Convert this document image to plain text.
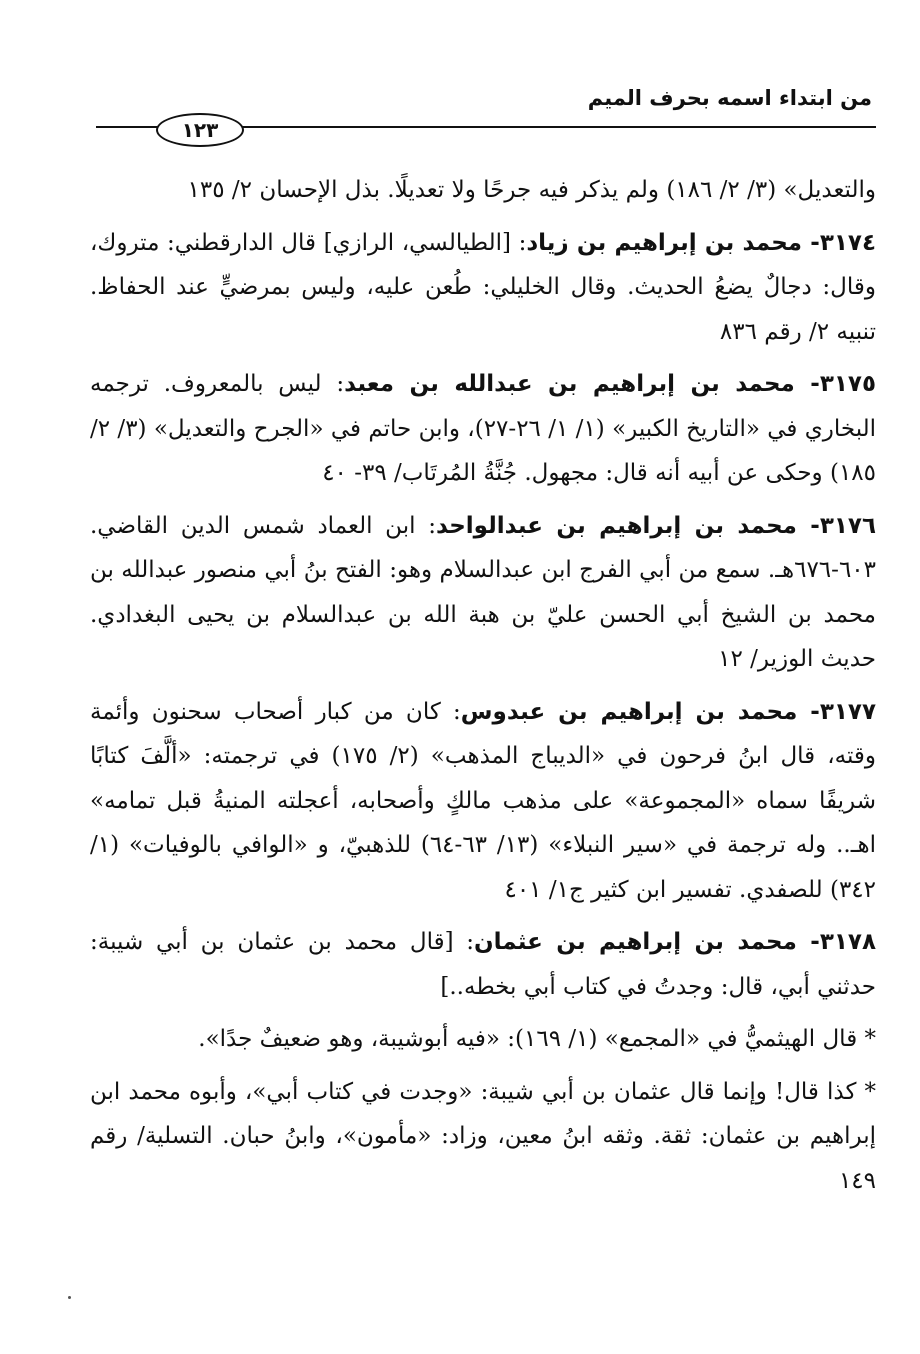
من ابتداء اسمه بحرف الميم
١٢٣

والتعديل» (٣/ ٢/ ١٨٦) ولم يذكر فيه جرحًا ولا تعديلًا. بذل الإحسان ٢/ ١٣٥

٣١٧٤- محمد بن إبراهيم بن زياد: [الطيالسي، الرازي] قال الدارقطني: متروك، وقال: دجالٌ يضعُ الحديث. وقال الخليلي: طُعن عليه، وليس بمرضيٍّ عند الحفاظ. تنبيه ٢/ رقم ٨٣٦

٣١٧٥- محمد بن إبراهيم بن عبدالله بن معبد: ليس بالمعروف. ترجمه البخاري في «التاريخ الكبير» (١/ ١/ ٢٦-٢٧)، وابن حاتم في «الجرح والتعديل» (٣/ ٢/ ١٨٥) وحكى عن أبيه أنه قال: مجهول. جُنَّةُ المُرتَاب/ ٣٩- ٤٠

٣١٧٦- محمد بن إبراهيم بن عبدالواحد: ابن العماد شمس الدين القاضي. ٦٠٣-٦٧٦هـ. سمع من أبي الفرج ابن عبدالسلام وهو: الفتح بنُ أبي منصور عبدالله بن محمد بن الشيخ أبي الحسن عليّ بن هبة الله بن عبدالسلام بن يحيى البغدادي. حديث الوزير/ ١٢

٣١٧٧- محمد بن إبراهيم بن عبدوس: كان من كبار أصحاب سحنون وأئمة وقته، قال ابنُ فرحون في «الديباج المذهب» (٢/ ١٧٥) في ترجمته: «ألَّفَ كتابًا شريفًا سماه «المجموعة» على مذهب مالكٍ وأصحابه، أعجلته المنيةُ قبل تمامه» اهـ.. وله ترجمة في «سير النبلاء» (١٣/ ٦٣-٦٤) للذهبيّ، و «الوافي بالوفيات» (١/ ٣٤٢) للصفدي. تفسير ابن كثير ج١/ ٤٠١

٣١٧٨- محمد بن إبراهيم بن عثمان: [قال محمد بن عثمان بن أبي شيبة: حدثني أبي، قال: وجدتُ في كتاب أبي بخطه..]

* قال الهيثميُّ في «المجمع» (١/ ١٦٩): «فيه أبوشيبة، وهو ضعيفٌ جدًا».

* كذا قال! وإنما قال عثمان بن أبي شيبة: «وجدت في كتاب أبي»، وأبوه محمد ابن إبراهيم بن عثمان: ثقة. وثقه ابنُ معين، وزاد: «مأمون»، وابنُ حبان. التسلية/ رقم ١٤٩
